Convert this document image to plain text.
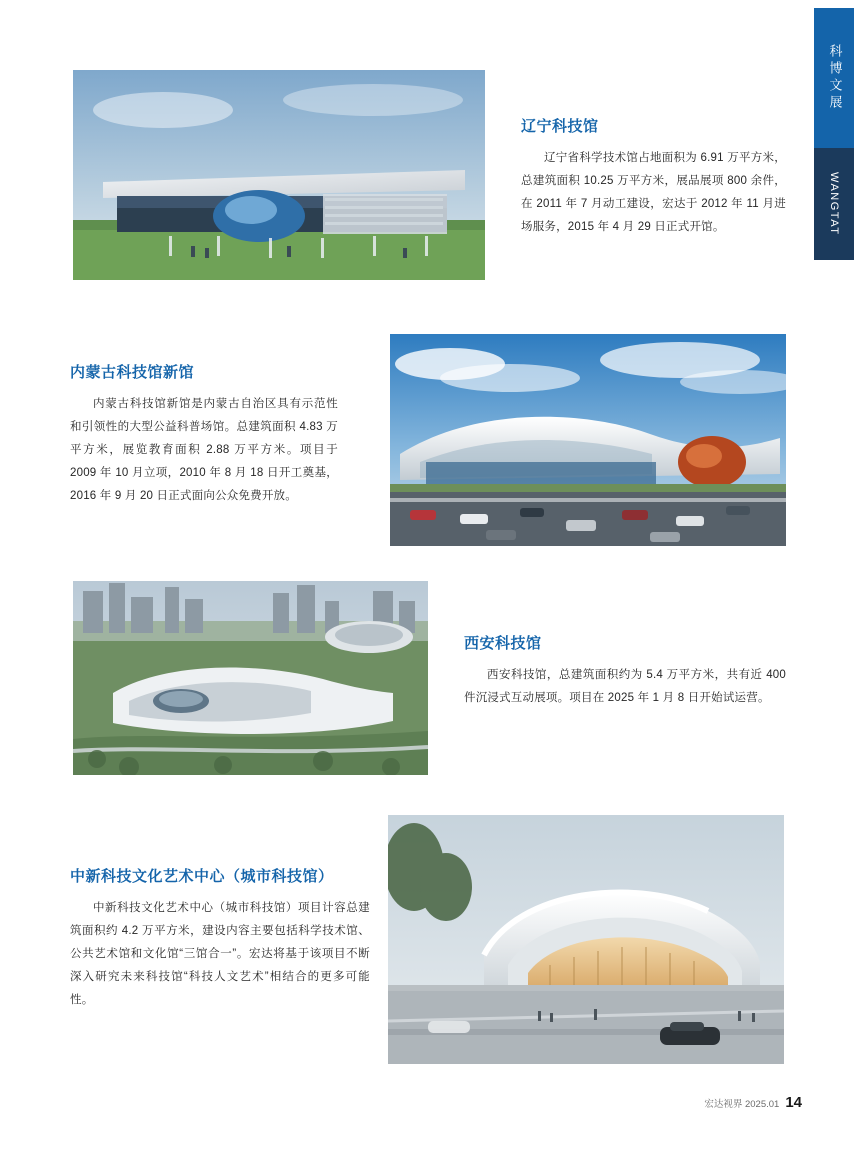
科博文展
WANGTAT
辽宁科技馆
辽宁省科学技术馆占地面积为 6.91 万平方米，总建筑面积 10.25 万平方米，展品展项 800 余件，在 2011 年 7 月动工建设，宏达于 2012 年 11 月进场服务，2015 年 4 月 29 日正式开馆。
内蒙古科技馆新馆
内蒙古科技馆新馆是内蒙古自治区具有示范性和引领性的大型公益科普场馆。总建筑面积 4.83 万平方米，展览教育面积 2.88 万平方米。项目于 2009 年 10 月立项，2010 年 8 月 18 日开工奠基，2016 年 9 月 20 日正式面向公众免费开放。
西安科技馆
西安科技馆，总建筑面积约为 5.4 万平方米，共有近 400 件沉浸式互动展项。项目在 2025 年 1 月 8 日开始试运营。
中新科技文化艺术中心（城市科技馆）
中新科技文化艺术中心（城市科技馆）项目计容总建筑面积约 4.2 万平方米，建设内容主要包括科学技术馆、公共艺术馆和文化馆“三馆合一”。宏达将基于该项目不断深入研究未来科技馆“科技人文艺术”相结合的更多可能性。
宏达视界 2025.01 14
